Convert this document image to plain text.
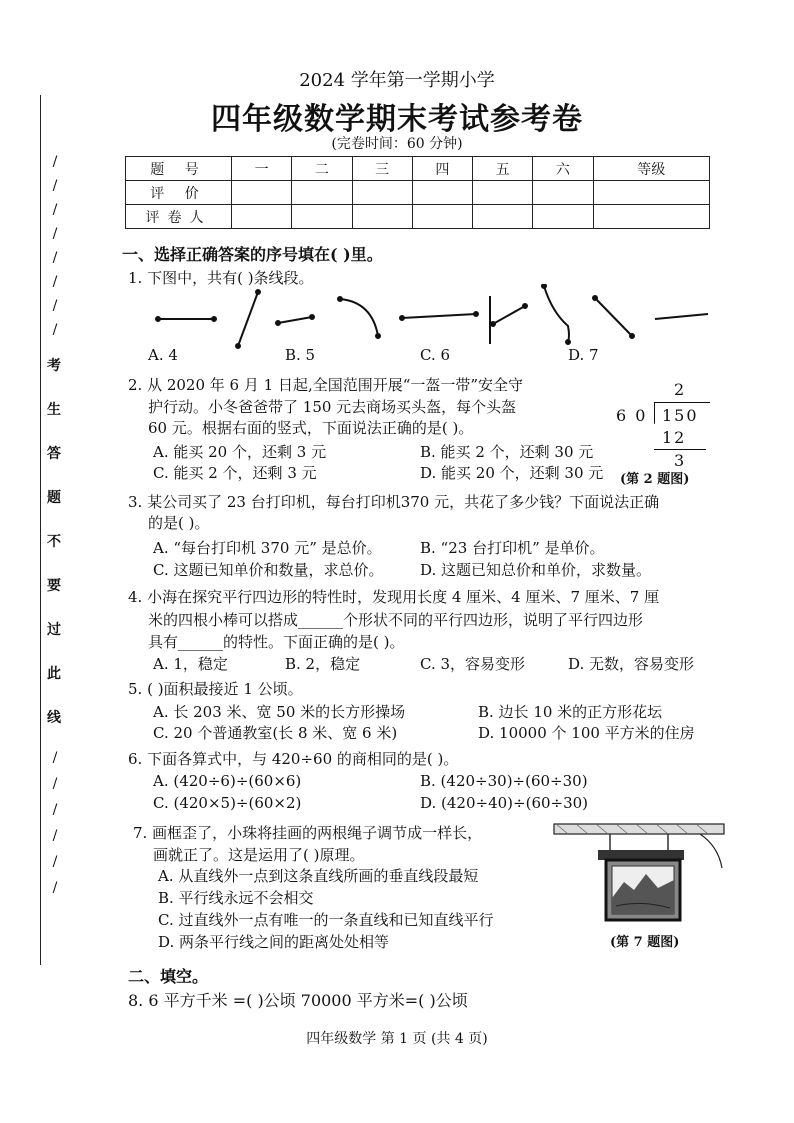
/
/
/
/
/
/
/
/
考
生
答
题
不
要
过
此
线
/
/
/
/
/
/
2024 学年第一学期小学
四年级数学期末考试参考卷
(完卷时间：60 分钟)
题 号	一	二	三	四	五	六	等级
评 价							
评卷人							
一、选择正确答案的序号填在( )里。
1. 下图中，共有( )条线段。
A. 4	B. 5	C. 6	D. 7
2. 从 2020 年 6 月 1 日起,全国范围开展“一盔一带”安全守
护行动。小冬爸爸带了 150 元去商场买头盔，每个头盔
60 元。根据右面的竖式，下面说法正确的是( )。
A. 能买 20 个，还剩 3 元	B. 能买 2 个，还剩 30 元
C. 能买 2 个，还剩 3 元	D. 能买 20 个，还剩 30 元
2
6 0 150
12
3
(第 2 题图)
3. 某公司买了 23 台打印机，每台打印机370 元，共花了多少钱？下面说法正确
的是( )。
A. “每台打印机 370 元” 是总价。	B. “23 台打印机” 是单价。
C. 这题已知单价和数量，求总价。 D. 这题已知总价和单价，求数量。
4. 小海在探究平行四边形的特性时，发现用长度 4 厘米、4 厘米、7 厘米、7 厘
米的四根小棒可以搭成______个形状不同的平行四边形，说明了平行四边形
具有______的特性。下面正确的是( )。
A. 1，稳定	B. 2，稳定	C. 3，容易变形	D. 无数，容易变形
5. ( )面积最接近 1 公顷。
A. 长 203 米、宽 50 米的长方形操场	B. 边长 10 米的正方形花坛
C. 20 个普通教室(长 8 米、宽 6 米)	D. 10000 个 100 平方米的住房
6. 下面各算式中，与 420÷60 的商相同的是( )。
A. (420÷6)÷(60×6)	B. (420÷30)÷(60÷30)
C. (420×5)÷(60×2)	D. (420÷40)÷(60÷30)
7. 画框歪了，小珠将挂画的两根绳子调节成一样长，
画就正了。这是运用了( )原理。
A. 从直线外一点到这条直线所画的垂直线段最短
B. 平行线永远不会相交
C. 过直线外一点有唯一的一条直线和已知直线平行
D. 两条平行线之间的距离处处相等	(第 7 题图)
二、填空。
8. 6 平方千米 =( )公顷 70000 平方米=( )公顷
四年级数学 第 1 页 (共 4 页)
